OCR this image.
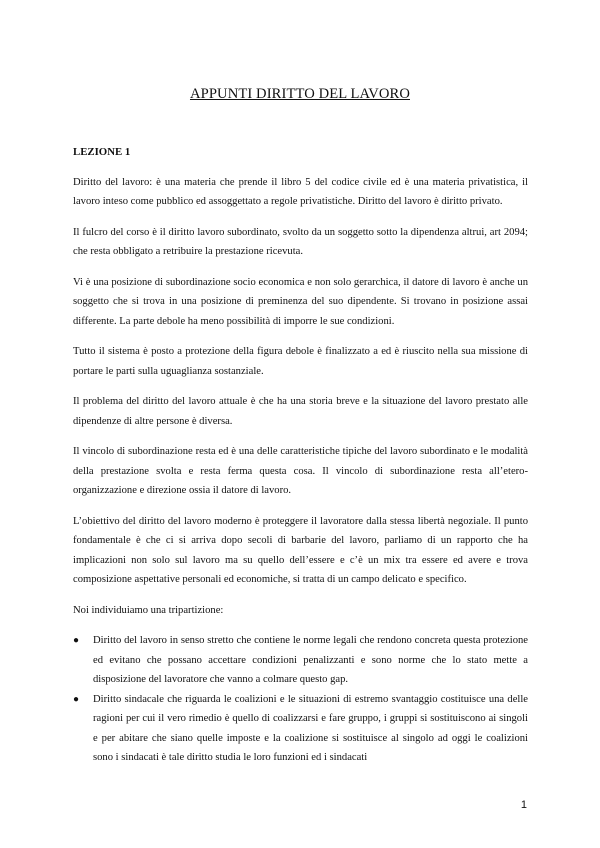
APPUNTI DIRITTO DEL LAVORO

LEZIONE 1

Diritto del lavoro: è una materia che prende il libro 5 del codice civile ed è una materia privatistica, il lavoro inteso come pubblico ed assoggettato a regole privatistiche. Diritto del lavoro è diritto privato.

Il fulcro del corso è il diritto lavoro subordinato, svolto da un soggetto sotto la dipendenza altrui, art 2094; che resta obbligato a retribuire la prestazione ricevuta.

Vi è una posizione di subordinazione socio economica e non solo gerarchica, il datore di lavoro è anche un soggetto che si trova in una posizione di preminenza del suo dipendente. Si trovano in posizione assai differente. La parte debole ha meno possibilità di imporre le sue condizioni.

Tutto il sistema è posto a protezione della figura debole è finalizzato a ed è riuscito nella sua missione di portare le parti sulla uguaglianza sostanziale.

Il problema del diritto del lavoro attuale è che ha una storia breve e la situazione del lavoro prestato alle dipendenze di altre persone è diversa.

Il vincolo di subordinazione resta ed è una delle caratteristiche tipiche del lavoro subordinato e le modalità della prestazione svolta e resta ferma questa cosa. Il vincolo di subordinazione resta all’etero-organizzazione e direzione ossia il datore di lavoro.

L’obiettivo del diritto del lavoro moderno è proteggere il lavoratore dalla stessa libertà negoziale. Il punto fondamentale è che ci si arriva dopo secoli di barbarie del lavoro, parliamo di un rapporto che ha implicazioni non solo sul lavoro ma su quello dell’essere e c’è un mix tra essere ed avere e trova composizione aspettative personali ed economiche, si tratta di un campo delicato e specifico.

Noi individuiamo una tripartizione:

● Diritto del lavoro in senso stretto che contiene le norme legali che rendono concreta questa protezione ed evitano che possano accettare condizioni penalizzanti e sono norme che lo stato mette a disposizione del lavoratore che vanno a colmare questo gap.
● Diritto sindacale che riguarda le coalizioni e le situazioni di estremo svantaggio costituisce una delle ragioni per cui il vero rimedio è quello di coalizzarsi e fare gruppo, i gruppi si sostituiscono ai singoli e per abitare che siano quelle imposte e la coalizione si sostituisce al singolo ad oggi le coalizioni sono i sindacati è tale diritto studia le loro funzioni ed i sindacati
1
